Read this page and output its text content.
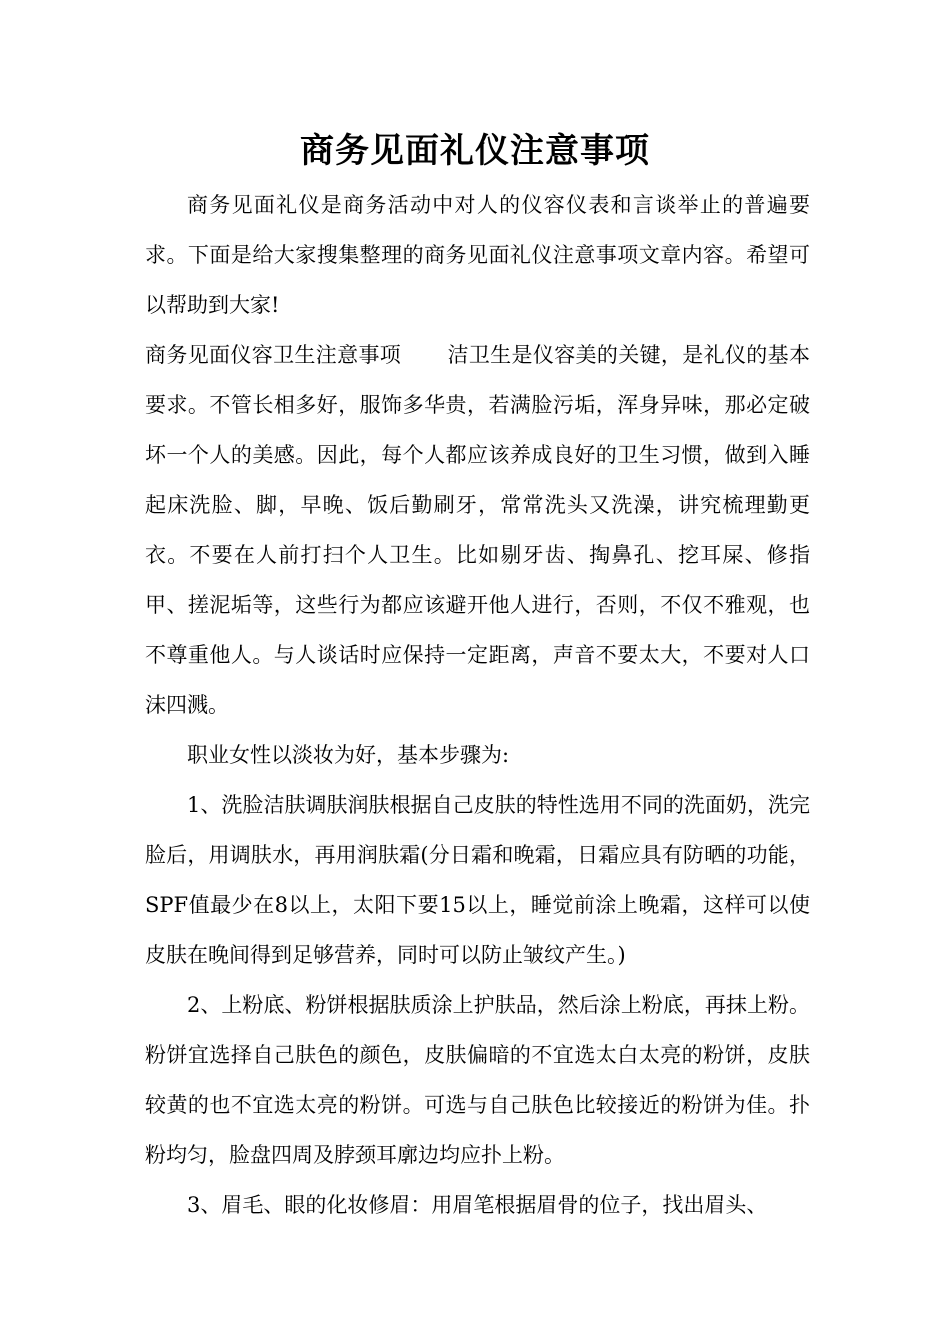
商务见面礼仪注意事项

商务见面礼仪是商务活动中对人的仪容仪表和言谈举止的普遍要求。下面是给大家搜集整理的商务见面礼仪注意事项文章内容。希望可以帮助到大家!

商务见面仪容卫生注意事项 洁卫生是仪容美的关键，是礼仪的基本要求。不管长相多好，服饰多华贵，若满脸污垢，浑身异味，那必定破坏一个人的美感。因此，每个人都应该养成良好的卫生习惯，做到入睡起床洗脸、脚，早晚、饭后勤刷牙，常常洗头又洗澡，讲究梳理勤更衣。不要在人前打扫个人卫生。比如剔牙齿、掏鼻孔、挖耳屎、修指甲、搓泥垢等，这些行为都应该避开他人进行，否则，不仅不雅观，也不尊重他人。与人谈话时应保持一定距离，声音不要太大，不要对人口沫四溅。

职业女性以淡妆为好，基本步骤为:

1、洗脸洁肤调肤润肤根据自己皮肤的特性选用不同的洗面奶，洗完脸后，用调肤水，再用润肤霜(分日霜和晚霜，日霜应具有防晒的功能，SPF值最少在8以上，太阳下要15以上，睡觉前涂上晚霜，这样可以使皮肤在晚间得到足够营养，同时可以防止皱纹产生。)

2、上粉底、粉饼根据肤质涂上护肤品，然后涂上粉底，再抹上粉。粉饼宜选择自己肤色的颜色，皮肤偏暗的不宜选太白太亮的粉饼，皮肤较黄的也不宜选太亮的粉饼。可选与自己肤色比较接近的粉饼为佳。扑粉均匀，脸盘四周及脖颈耳廓边均应扑上粉。

3、眉毛、眼的化妆修眉：用眉笔根据眉骨的位子，找出眉头、
